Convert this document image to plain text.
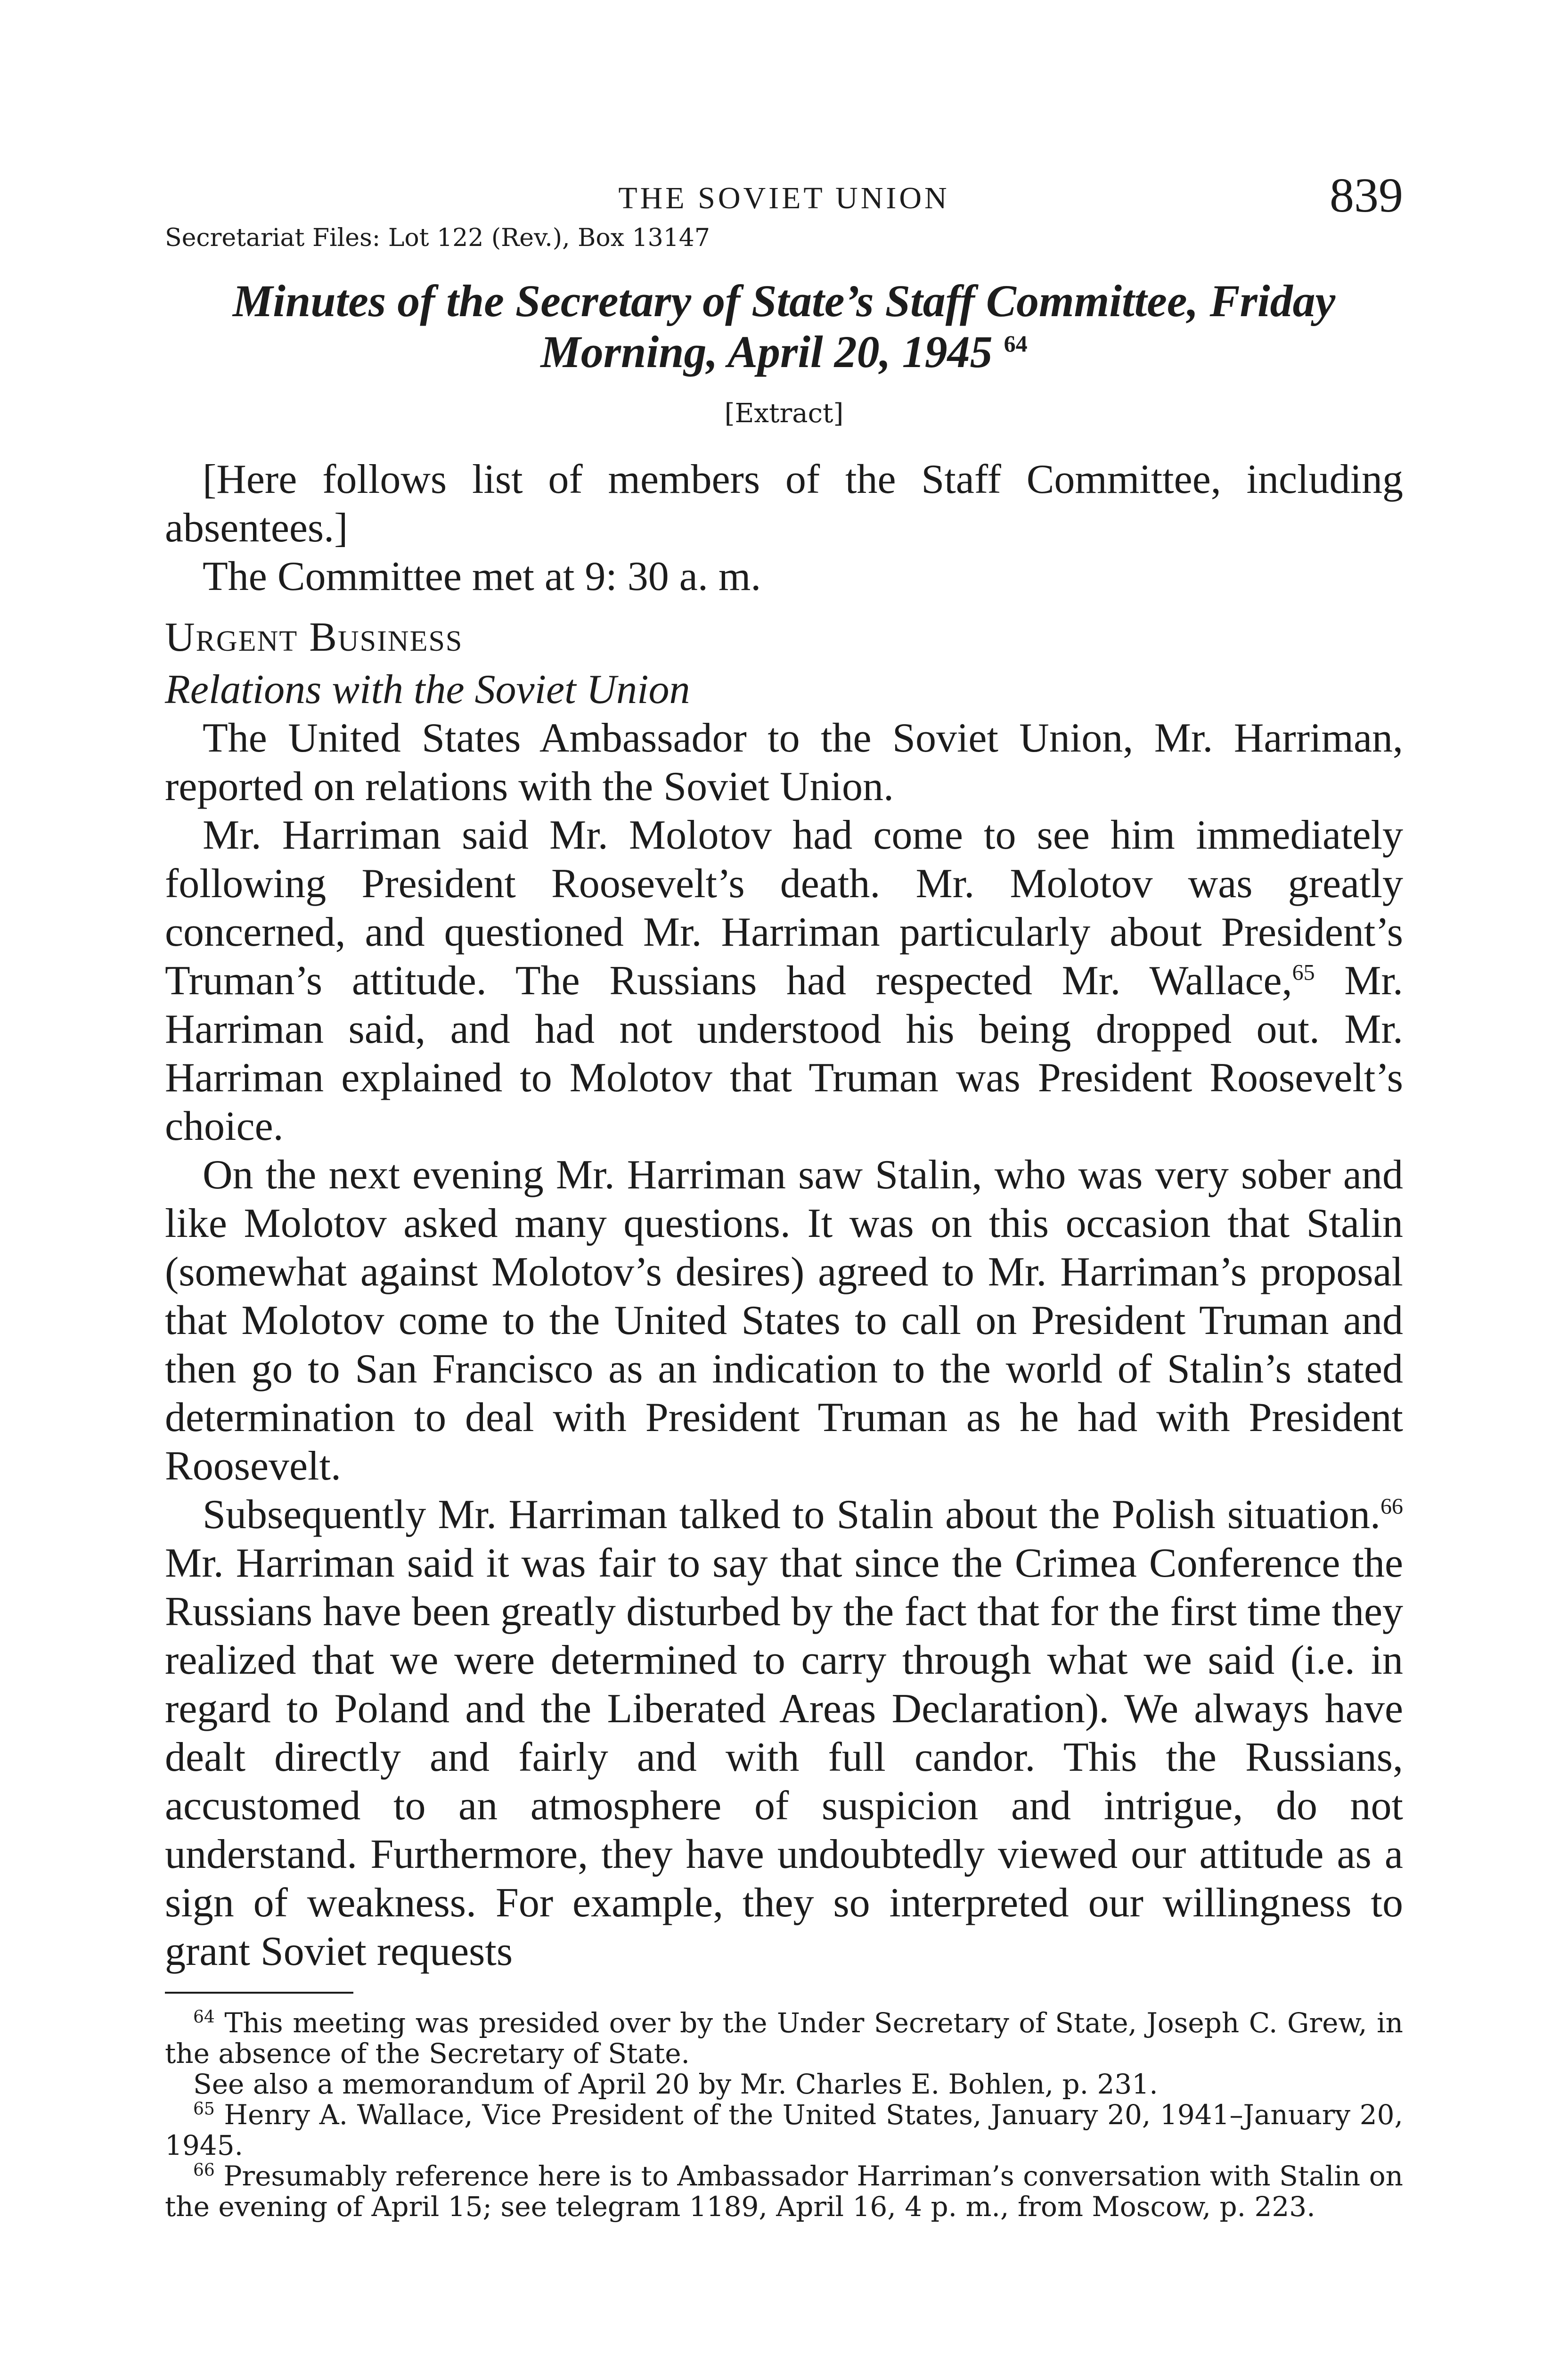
THE SOVIET UNION	839
Secretariat Files: Lot 122 (Rev.), Box 13147
Minutes of the Secretary of State’s Staff Committee, Friday Morning, April 20, 1945 $^{64}$
[Extract]

[Here follows list of members of the Staff Committee, including absentees.]

The Committee met at 9: 30 a. m.

Urgent Business
Relations with the Soviet Union

The United States Ambassador to the Soviet Union, Mr. Harriman, reported on relations with the Soviet Union.

Mr. Harriman said Mr. Molotov had come to see him immediately following President Roosevelt’s death. Mr. Molotov was greatly concerned, and questioned Mr. Harriman particularly about President’s Truman’s attitude. The Russians had respected Mr. Wallace,$^{65}$ Mr. Harriman said, and had not understood his being dropped out. Mr. Harriman explained to Molotov that Truman was President Roosevelt’s choice.

On the next evening Mr. Harriman saw Stalin, who was very sober and like Molotov asked many questions. It was on this occasion that Stalin (somewhat against Molotov’s desires) agreed to Mr. Harriman’s proposal that Molotov come to the United States to call on President Truman and then go to San Francisco as an indication to the world of Stalin’s stated determination to deal with President Truman as he had with President Roosevelt.

Subsequently Mr. Harriman talked to Stalin about the Polish situation.$^{66}$ Mr. Harriman said it was fair to say that since the Crimea Conference the Russians have been greatly disturbed by the fact that for the first time they realized that we were determined to carry through what we said (i.e. in regard to Poland and the Liberated Areas Declaration). We always have dealt directly and fairly and with full candor. This the Russians, accustomed to an atmosphere of suspicion and intrigue, do not understand. Furthermore, they have undoubtedly viewed our attitude as a sign of weakness. For example, they so interpreted our willingness to grant Soviet requests

$^{64}$ This meeting was presided over by the Under Secretary of State, Joseph C. Grew, in the absence of the Secretary of State.

See also a memorandum of April 20 by Mr. Charles E. Bohlen, p. 231.

$^{65}$ Henry A. Wallace, Vice President of the United States, January 20, 1941–January 20, 1945.

$^{66}$ Presumably reference here is to Ambassador Harriman’s conversation with Stalin on the evening of April 15; see telegram 1189, April 16, 4 p. m., from Moscow, p. 223.
